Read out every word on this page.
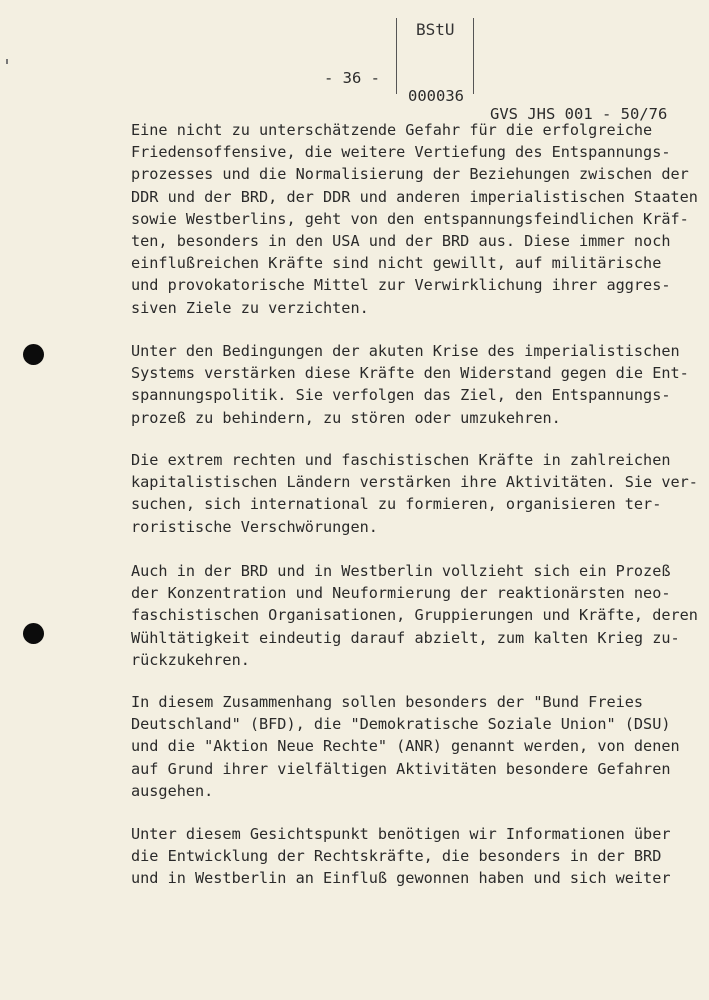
BStU

- 36 -

000036

GVS JHS 001 - 50/76

Eine nicht zu unterschätzende Gefahr für die erfolgreiche
Friedensoffensive, die weitere Vertiefung des Entspannungs-
prozesses und die Normalisierung der Beziehungen zwischen der
DDR und der BRD, der DDR und anderen imperialistischen Staaten
sowie Westberlins, geht von den entspannungsfeindlichen Kräf-
ten, besonders in den USA und der BRD aus. Diese immer noch
einflußreichen Kräfte sind nicht gewillt, auf militärische
und provokatorische Mittel zur Verwirklichung ihrer aggres-
siven Ziele zu verzichten.
Unter den Bedingungen der akuten Krise des imperialistischen
Systems verstärken diese Kräfte den Widerstand gegen die Ent-
spannungspolitik. Sie verfolgen das Ziel, den Entspannungs-
prozeß zu behindern, zu stören oder umzukehren.
Die extrem rechten und faschistischen Kräfte in zahlreichen
kapitalistischen Ländern verstärken ihre Aktivitäten. Sie ver-
suchen, sich international zu formieren, organisieren ter-
roristische Verschwörungen.
Auch in der BRD und in Westberlin vollzieht sich ein Prozeß
der Konzentration und Neuformierung der reaktionärsten neo-
faschistischen Organisationen, Gruppierungen und Kräfte, deren
Wühltätigkeit eindeutig darauf abzielt, zum kalten Krieg zu-
rückzukehren.
In diesem Zusammenhang sollen besonders der "Bund Freies
Deutschland" (BFD), die "Demokratische Soziale Union" (DSU)
und die "Aktion Neue Rechte" (ANR) genannt werden, von denen
auf Grund ihrer vielfältigen Aktivitäten besondere Gefahren
ausgehen.
Unter diesem Gesichtspunkt benötigen wir Informationen über
die Entwicklung der Rechtskräfte, die besonders in der BRD
und in Westberlin an Einfluß gewonnen haben und sich weiter
